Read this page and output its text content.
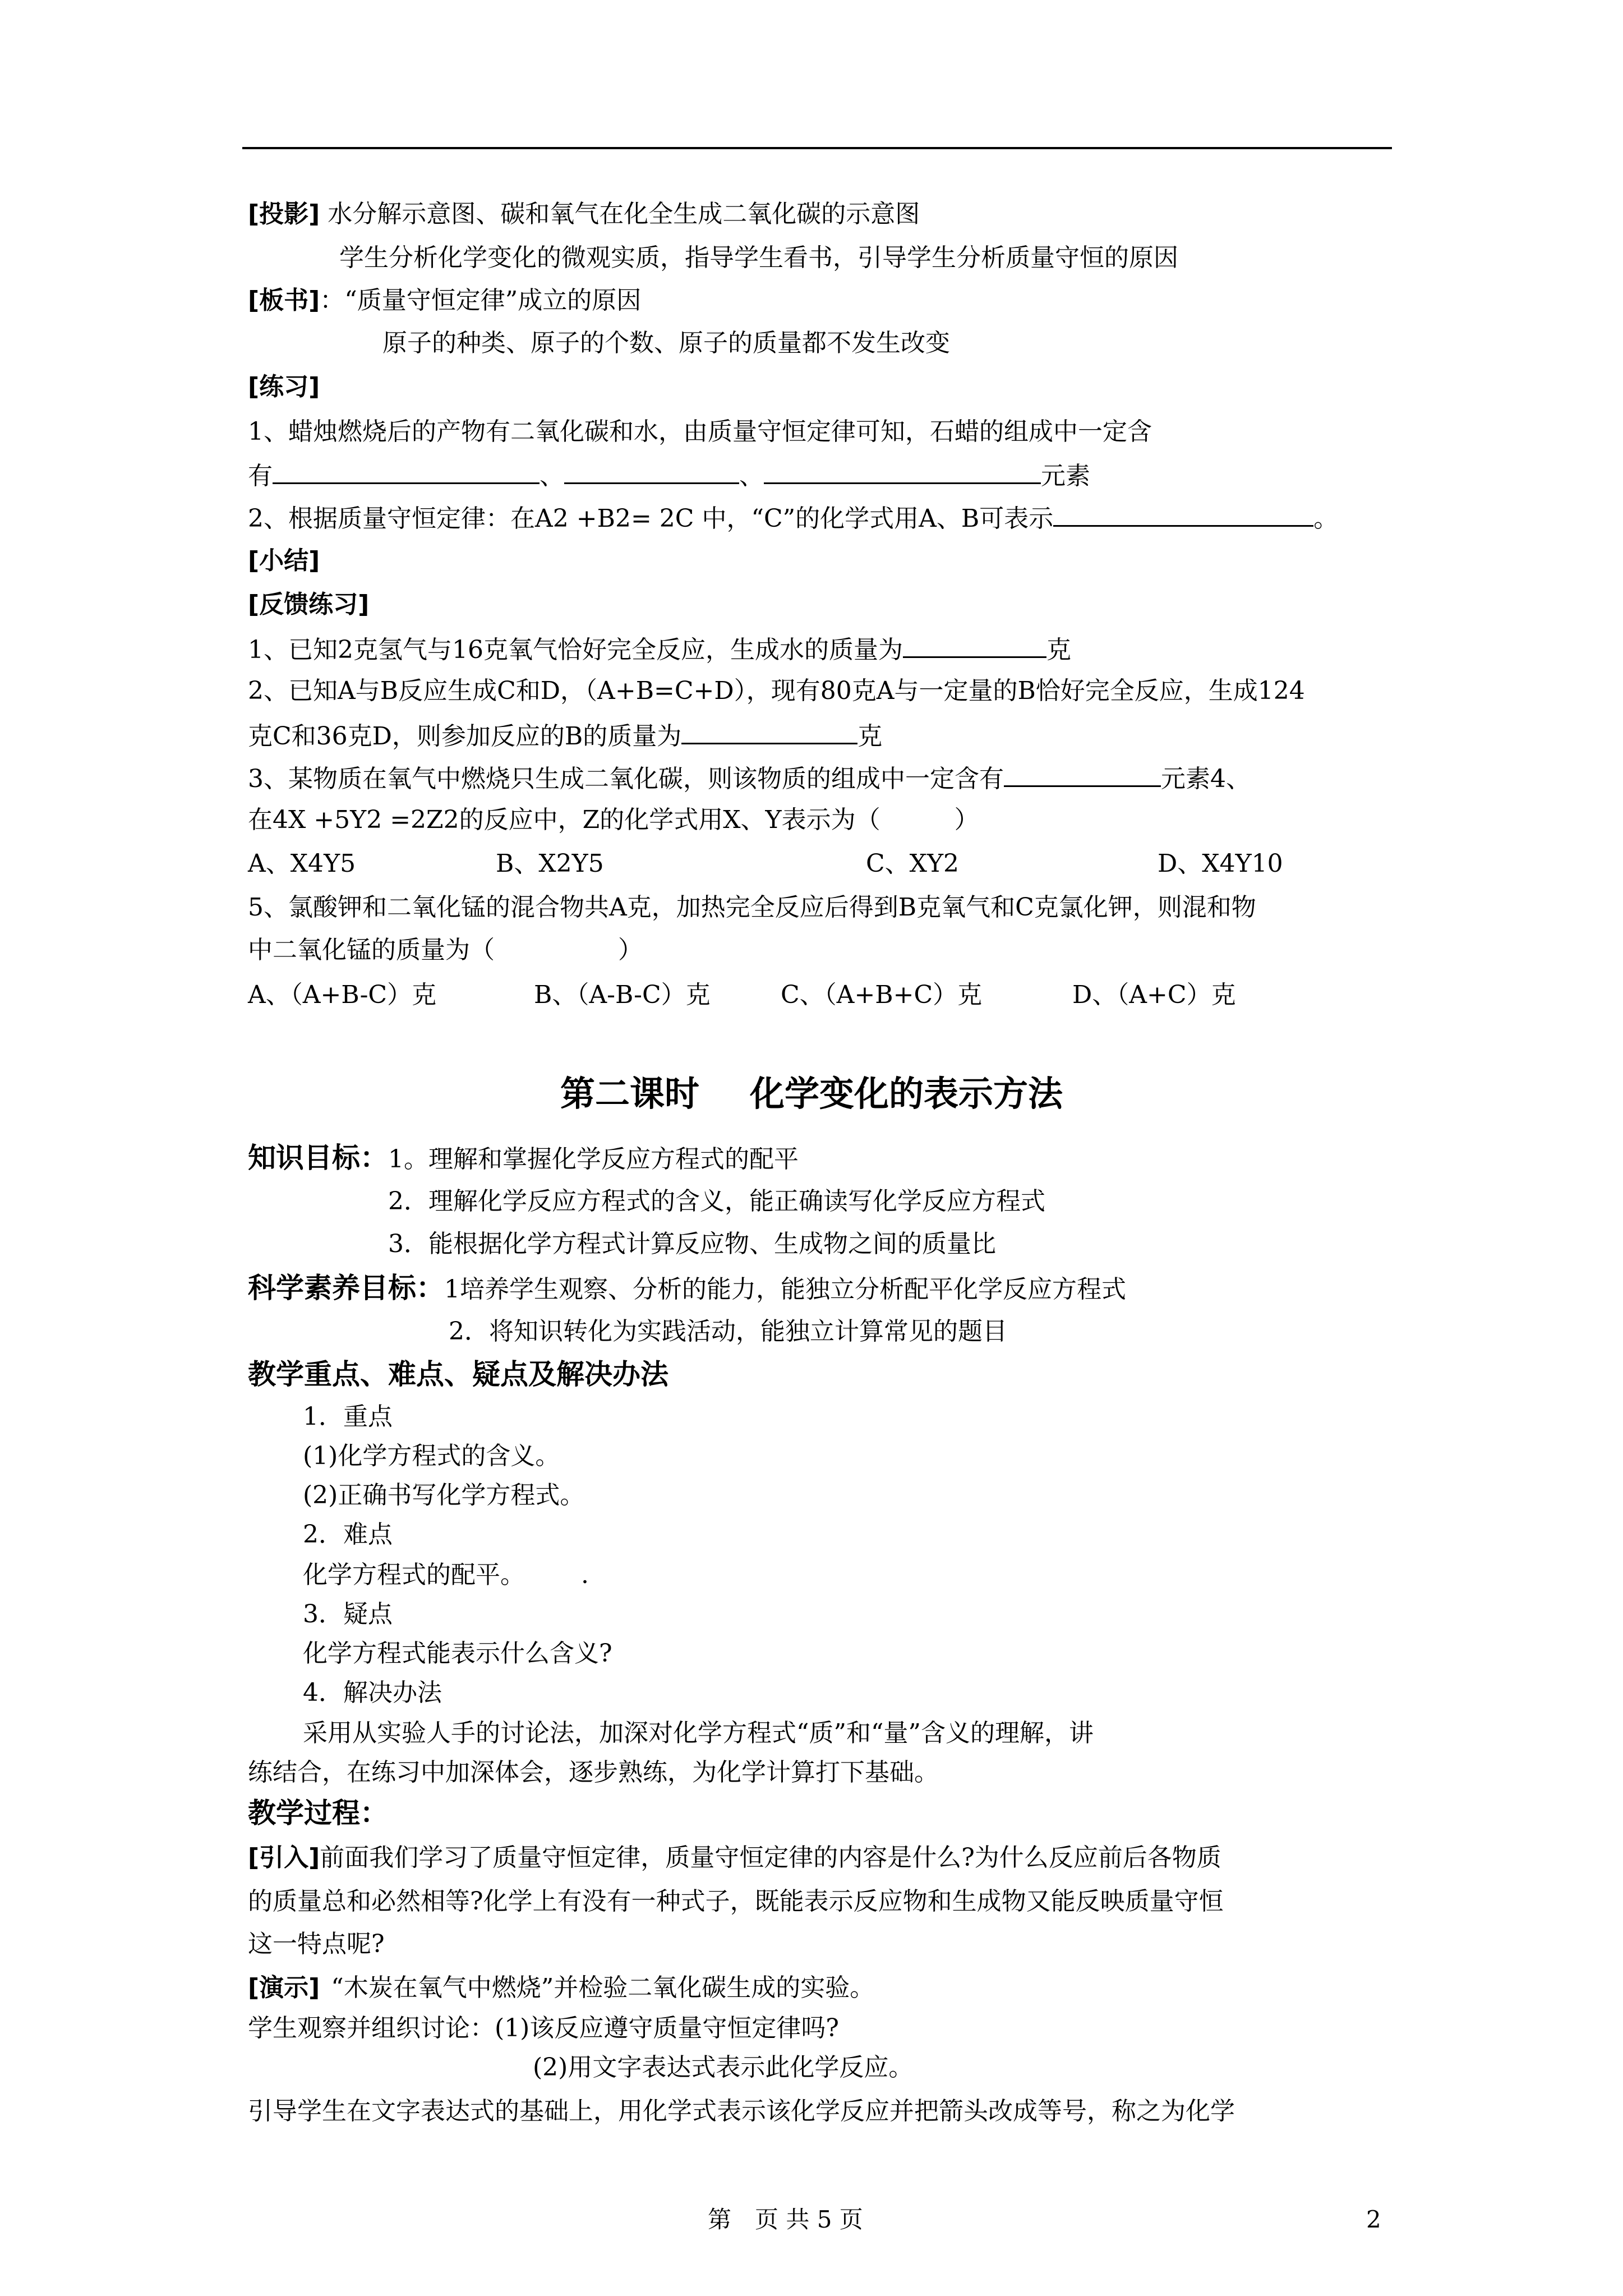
[投影] 水分解示意图、碳和氧气在化全生成二氧化碳的示意图
学生分析化学变化的微观实质，指导学生看书，引导学生分析质量守恒的原因
[板书]：“质量守恒定律”成立的原因
原子的种类、原子的个数、原子的质量都不发生改变
[练习]
1、蜡烛燃烧后的产物有二氧化碳和水，由质量守恒定律可知，石蜡的组成中一定含
有	、	、	元素
2、根据质量守恒定律：在A2 +B2= 2C 中，“C”的化学式用A、B可表示	。
[小结]
[反馈练习]
1、已知2克氢气与16克氧气恰好完全反应，生成水的质量为	克
2、已知A与B反应生成C和D，（A+B=C+D），现有80克A与一定量的B恰好完全反应，生成124
克C和36克D，则参加反应的B的质量为	克
3、某物质在氧气中燃烧只生成二氧化碳，则该物质的组成中一定含有	元素4、
在4X +5Y2 =2Z2的反应中，Z的化学式用X、Y表示为（　　　）
A、X4Y5	B、X2Y5	C、XY2	D、X4Y10
5、氯酸钾和二氧化锰的混合物共A克，加热完全反应后得到B克氧气和C克氯化钾，则混和物
中二氧化锰的质量为（　　　　　）
A、（A+B-C）克	B、（A-B-C）克	C、（A+B+C）克	D、（A+C）克
第二课时 化学变化的表示方法
知识目标：1。理解和掌握化学反应方程式的配平
2．理解化学反应方程式的含义，能正确读写化学反应方程式
3．能根据化学方程式计算反应物、生成物之间的质量比
科学素养目标：1培养学生观察、分析的能力，能独立分析配平化学反应方程式
2．将知识转化为实践活动，能独立计算常见的题目
教学重点、难点、疑点及解决办法
1．重点
(1)化学方程式的含义。
(2)正确书写化学方程式。
2．难点
化学方程式的配平。 .
3．疑点
化学方程式能表示什么含义?
4．解决办法
采用从实验人手的讨论法，加深对化学方程式“质”和“量”含义的理解，讲
练结合，在练习中加深体会，逐步熟练，为化学计算打下基础。
教学过程：
[引入]前面我们学习了质量守恒定律，质量守恒定律的内容是什么?为什么反应前后各物质
的质量总和必然相等?化学上有没有一种式子，既能表示反应物和生成物又能反映质量守恒
这一特点呢?
[演示] “木炭在氧气中燃烧”并检验二氧化碳生成的实验。
学生观察并组织讨论：(1)该反应遵守质量守恒定律吗?
(2)用文字表达式表示此化学反应。
引导学生在文字表达式的基础上，用化学式表示该化学反应并把箭头改成等号，称之为化学
第　页 共 5 页	2
